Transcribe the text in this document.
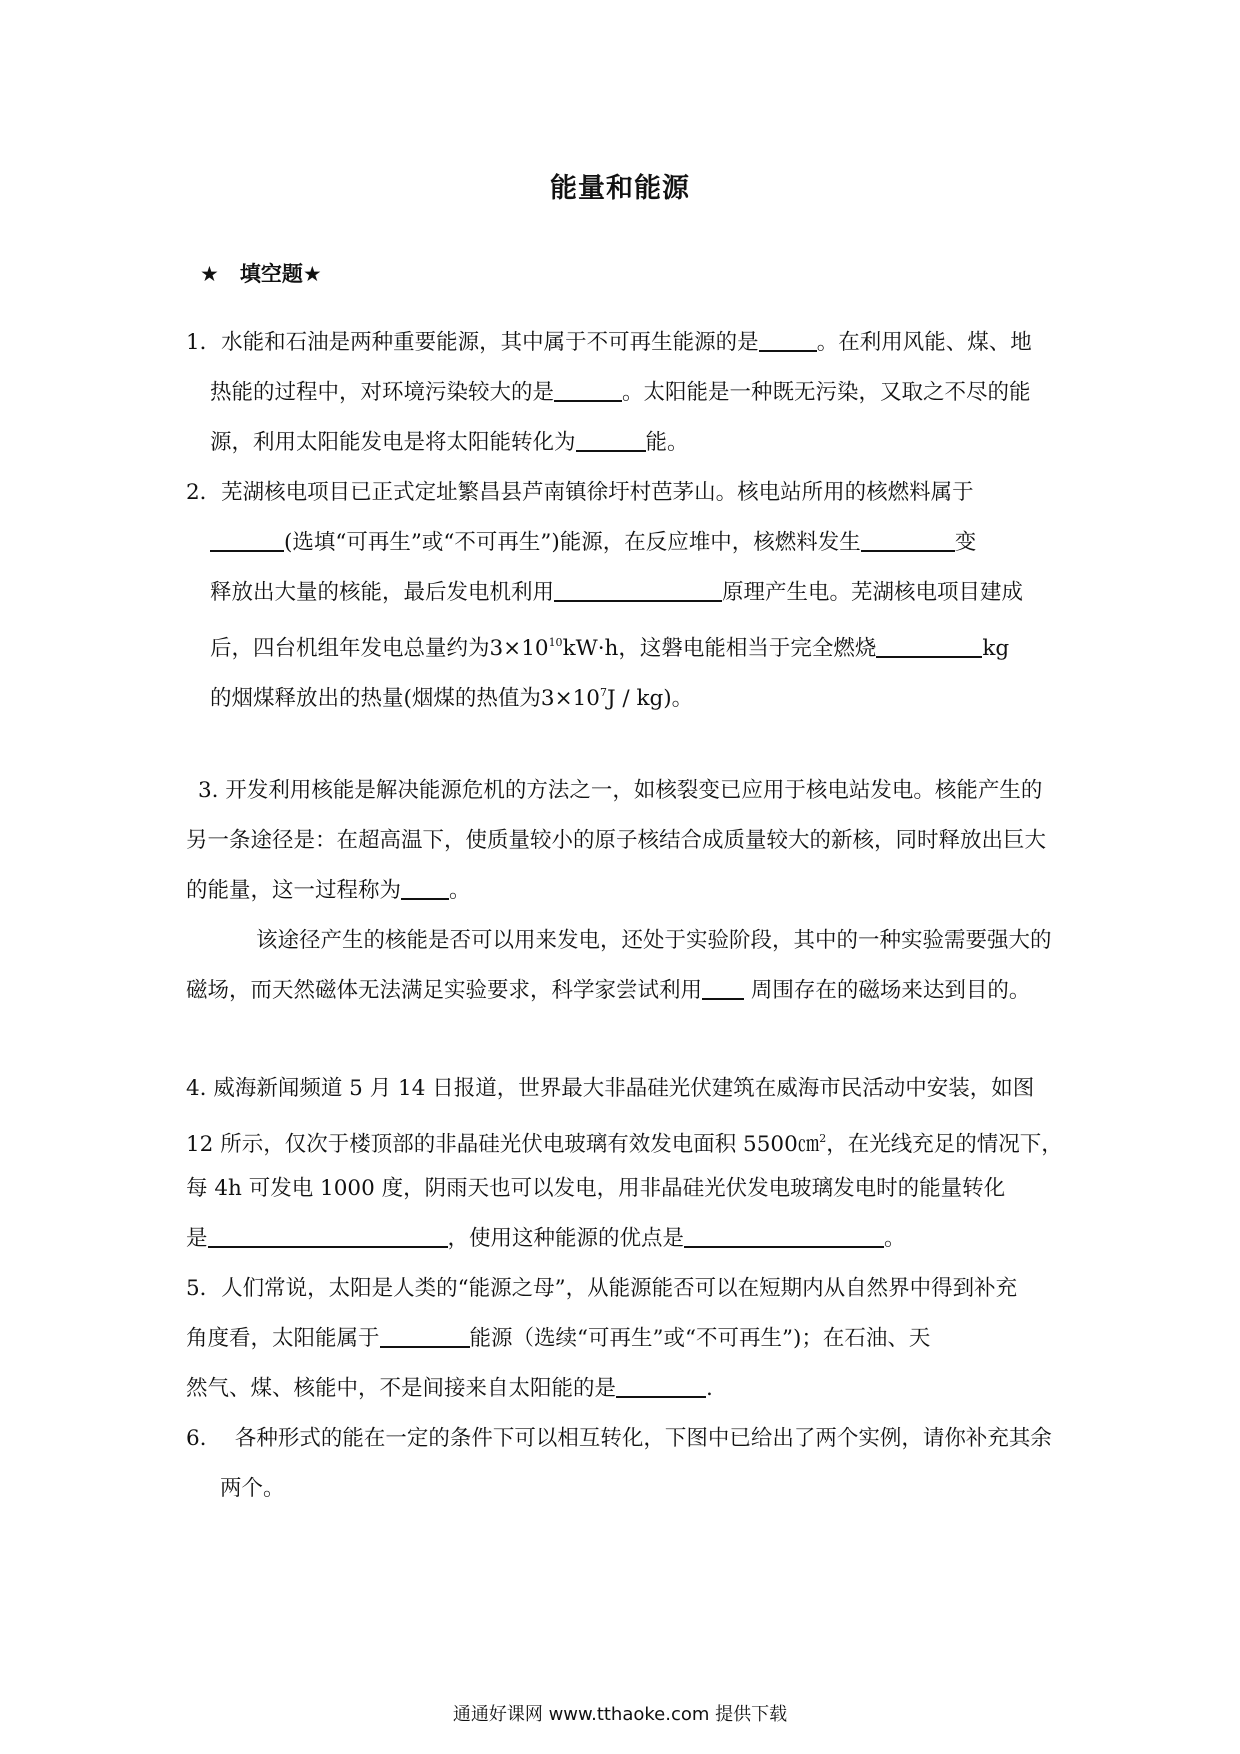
能量和能源
★　填空题★
1．水能和石油是两种重要能源，其中属于不可再生能源的是	。在利用风能、煤、地
热能的过程中，对环境污染较大的是	。太阳能是一种既无污染，又取之不尽的能
源，利用太阳能发电是将太阳能转化为	能。
2．芜湖核电项目已正式定址繁昌县芦南镇徐圩村芭茅山。核电站所用的核燃料属于
(选填“可再生”或“不可再生”)能源，在反应堆中，核燃料发生	变
释放出大量的核能，最后发电机利用	原理产生电。芜湖核电项目建成
后，四台机组年发电总量约为$3\times 10^{10}kW\cdot h$，这磐电能相当于完全燃烧	kg
的烟煤释放出的热量(烟煤的热值为$3\times 10^7J / kg$)。
3. 开发利用核能是解决能源危机的方法之一，如核裂变已应用于核电站发电。核能产生的
另一条途径是：在超高温下，使质量较小的原子核结合成质量较大的新核，同时释放出巨大
的能量，这一过程称为 。
该途径产生的核能是否可以用来发电，还处于实验阶段，其中的一种实验需要强大的
磁场，而天然磁体无法满足实验要求，科学家尝试利用 周围存在的磁场来达到目的。
4. 威海新闻频道 5 月 14 日报道，世界最大非晶硅光伏建筑在威海市民活动中安装，如图
12 所示，仅次于楼顶部的非晶硅光伏电玻璃有效发电面积 5500㎝$^2$，在光线充足的情况下，
每 4h 可发电 1000 度，阴雨天也可以发电，用非晶硅光伏发电玻璃发电时的能量转化
是	，使用这种能源的优点是	。
5．人们常说，太阳是人类的“能源之母”，从能源能否可以在短期内从自然界中得到补充
角度看，太阳能属于	能源（选续“可再生”或“不可再生”)；在石油、天
然气、煤、核能中，不是间接来自太阳能的是	.
6.　 各种形式的能在一定的条件下可以相互转化，下图中已给出了两个实例，请你补充其余
两个。
通通好课网 www.tthaoke.com 提供下载
